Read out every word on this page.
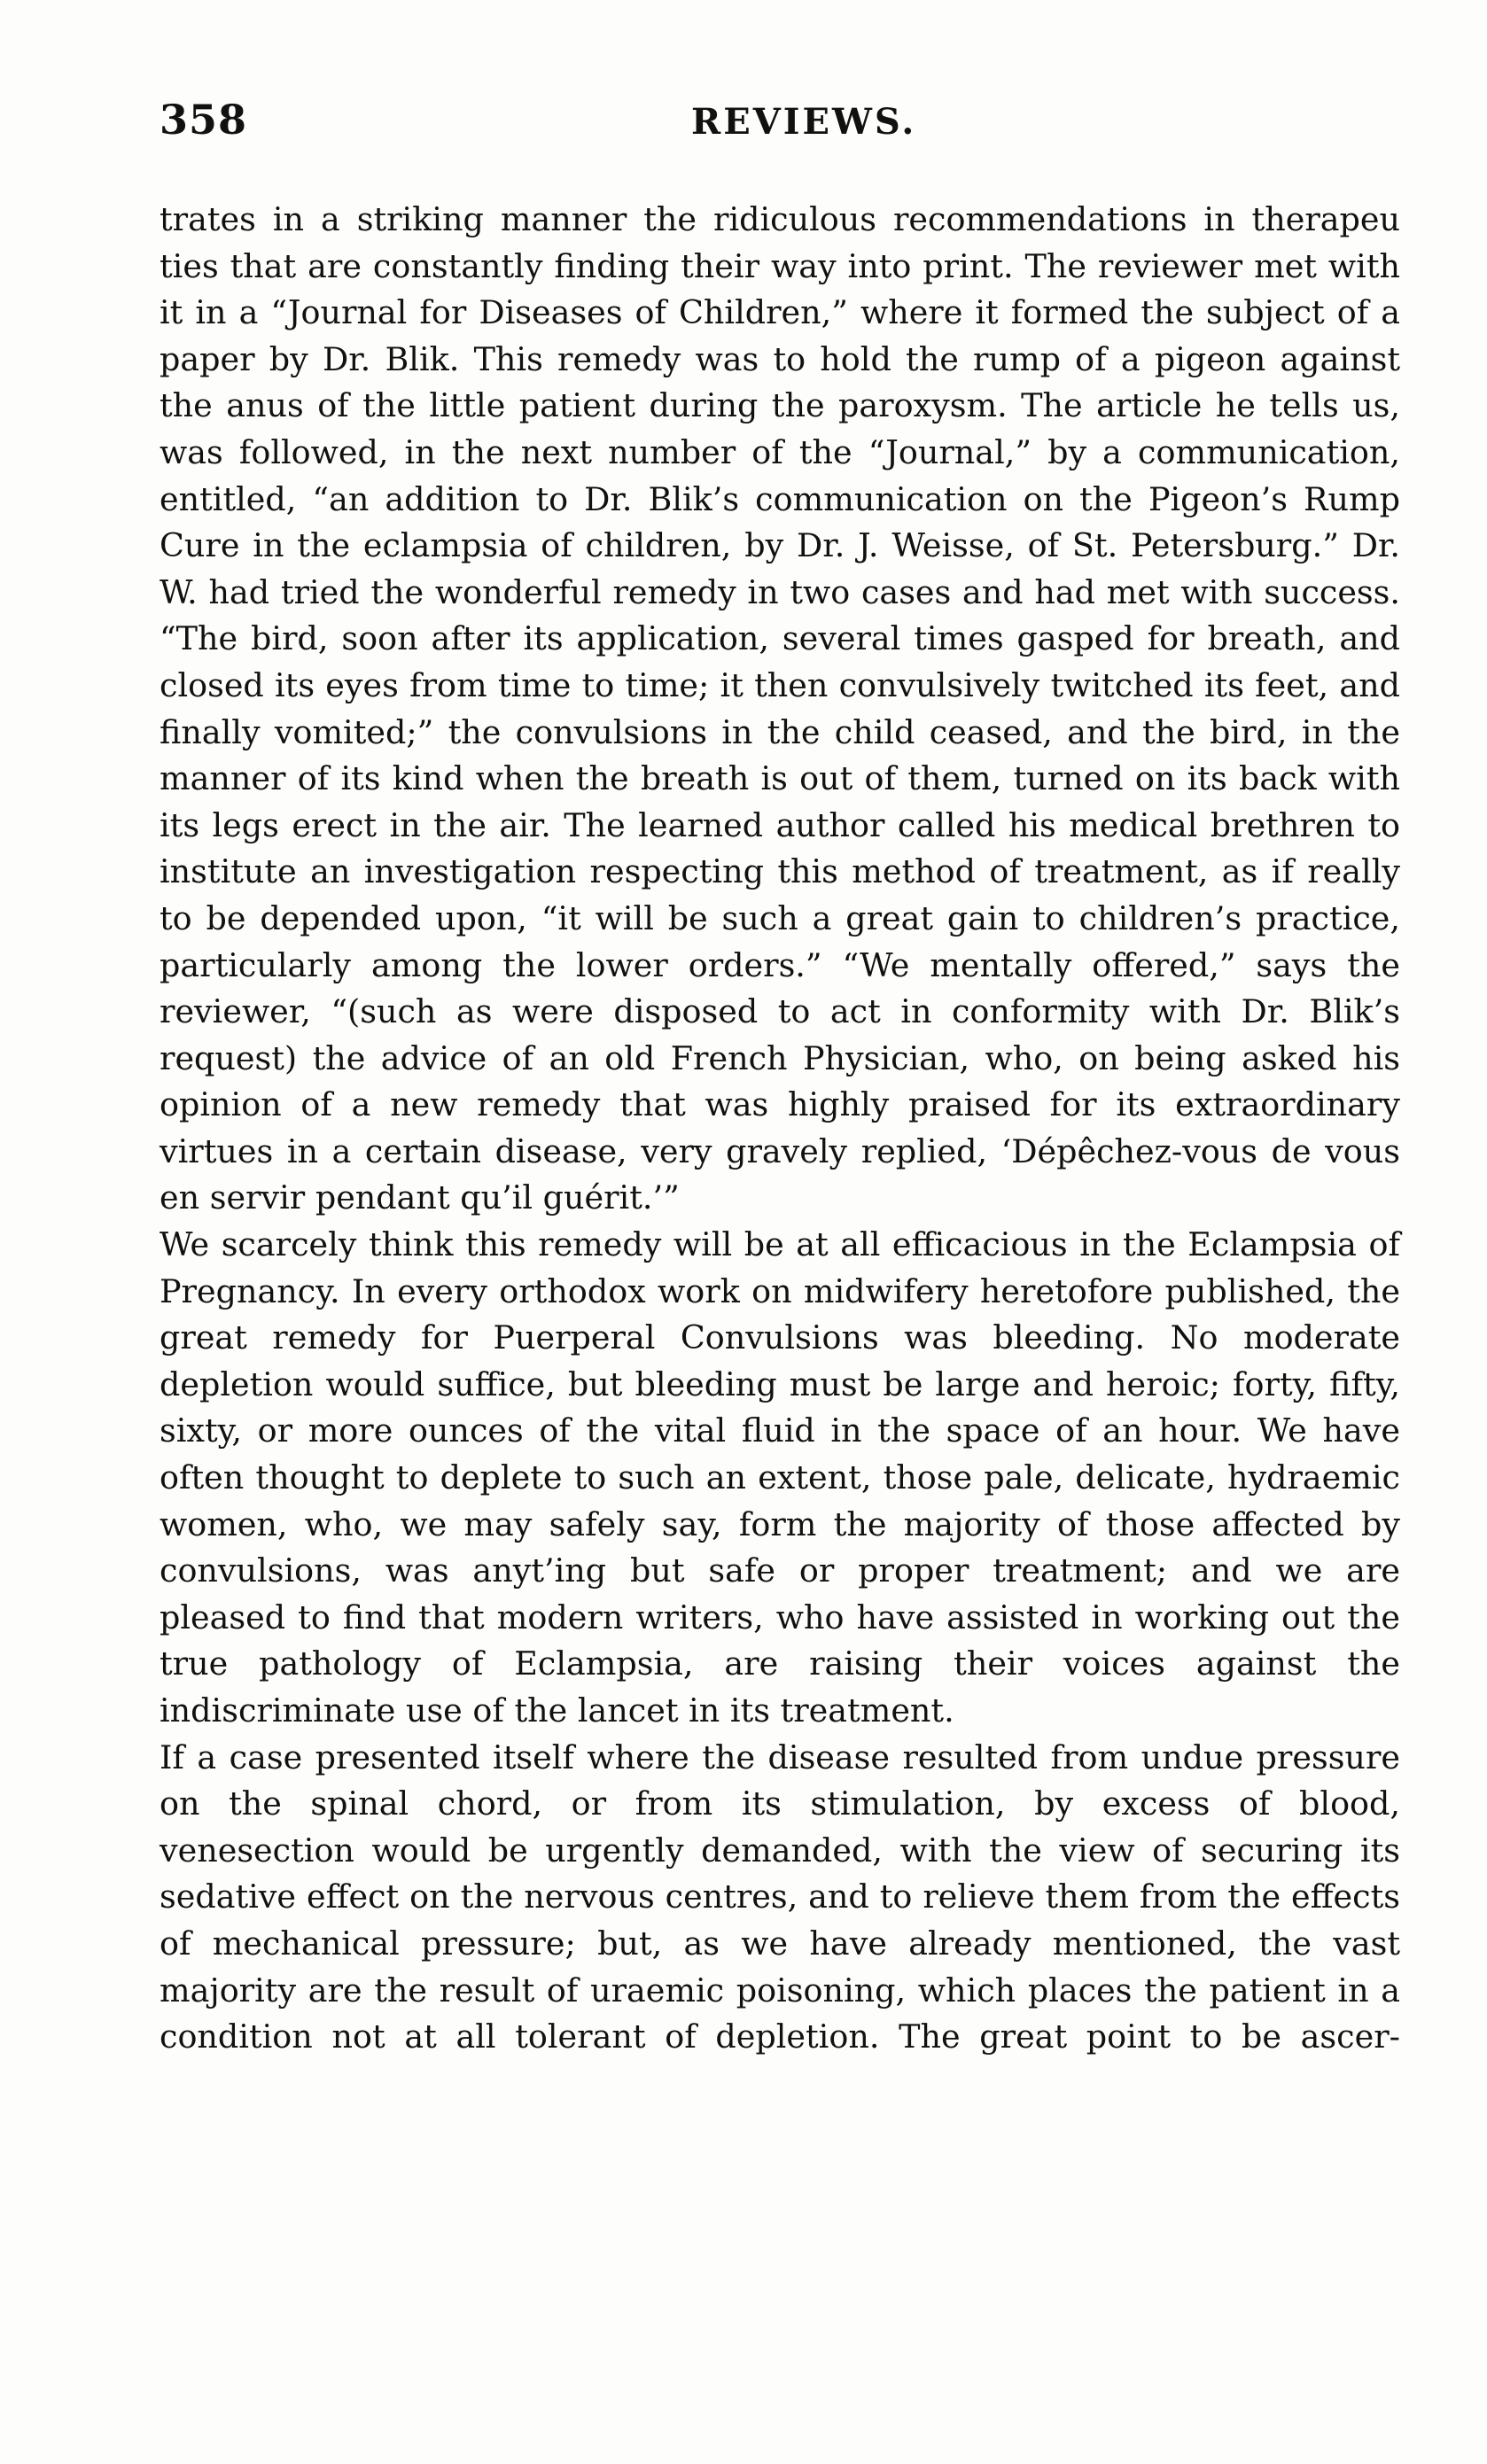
358	REVIEWS.

trates in a striking manner the ridiculous recommendations in therapeu ties that are constantly finding their way into print. The reviewer met with it in a “Journal for Diseases of Children,” where it formed the subject of a paper by Dr. Blik. This remedy was to hold the rump of a pigeon against the anus of the little patient during the paroxysm. The article he tells us, was followed, in the next number of the “Journal,” by a communication, entitled, “an addition to Dr. Blik’s communication on the Pigeon’s Rump Cure in the eclampsia of children, by Dr. J. Weisse, of St. Petersburg.” Dr. W. had tried the wonderful remedy in two cases and had met with success. “The bird, soon after its application, several times gasped for breath, and closed its eyes from time to time; it then convulsively twitched its feet, and finally vomited;” the convulsions in the child ceased, and the bird, in the manner of its kind when the breath is out of them, turned on its back with its legs erect in the air. The learned author called his medical brethren to institute an investigation respecting this method of treatment, as if really to be depended upon, “it will be such a great gain to children’s practice, particularly among the lower orders.” “We mentally offered,” says the reviewer, “(such as were disposed to act in conformity with Dr. Blik’s request) the advice of an old French Physician, who, on being asked his opinion of a new remedy that was highly praised for its extraordinary virtues in a certain disease, very gravely replied, ‘Dépêchez-vous de vous en servir pendant qu’il guérit.’”

We scarcely think this remedy will be at all efficacious in the Eclampsia of Pregnancy. In every orthodox work on midwifery heretofore published, the great remedy for Puerperal Convulsions was bleeding. No moderate depletion would suffice, but bleeding must be large and heroic; forty, fifty, sixty, or more ounces of the vital fluid in the space of an hour. We have often thought to deplete to such an extent, those pale, delicate, hydraemic women, who, we may safely say, form the majority of those affected by convulsions, was anyt’ing but safe or proper treatment; and we are pleased to find that modern writers, who have assisted in working out the true pathology of Eclampsia, are raising their voices against the indiscriminate use of the lancet in its treatment.

If a case presented itself where the disease resulted from undue pressure on the spinal chord, or from its stimulation, by excess of blood, venesection would be urgently demanded, with the view of securing its sedative effect on the nervous centres, and to relieve them from the effects of mechanical pressure; but, as we have already mentioned, the vast majority are the result of uraemic poisoning, which places the patient in a condition not at all tolerant of depletion. The great point to be ascer-
